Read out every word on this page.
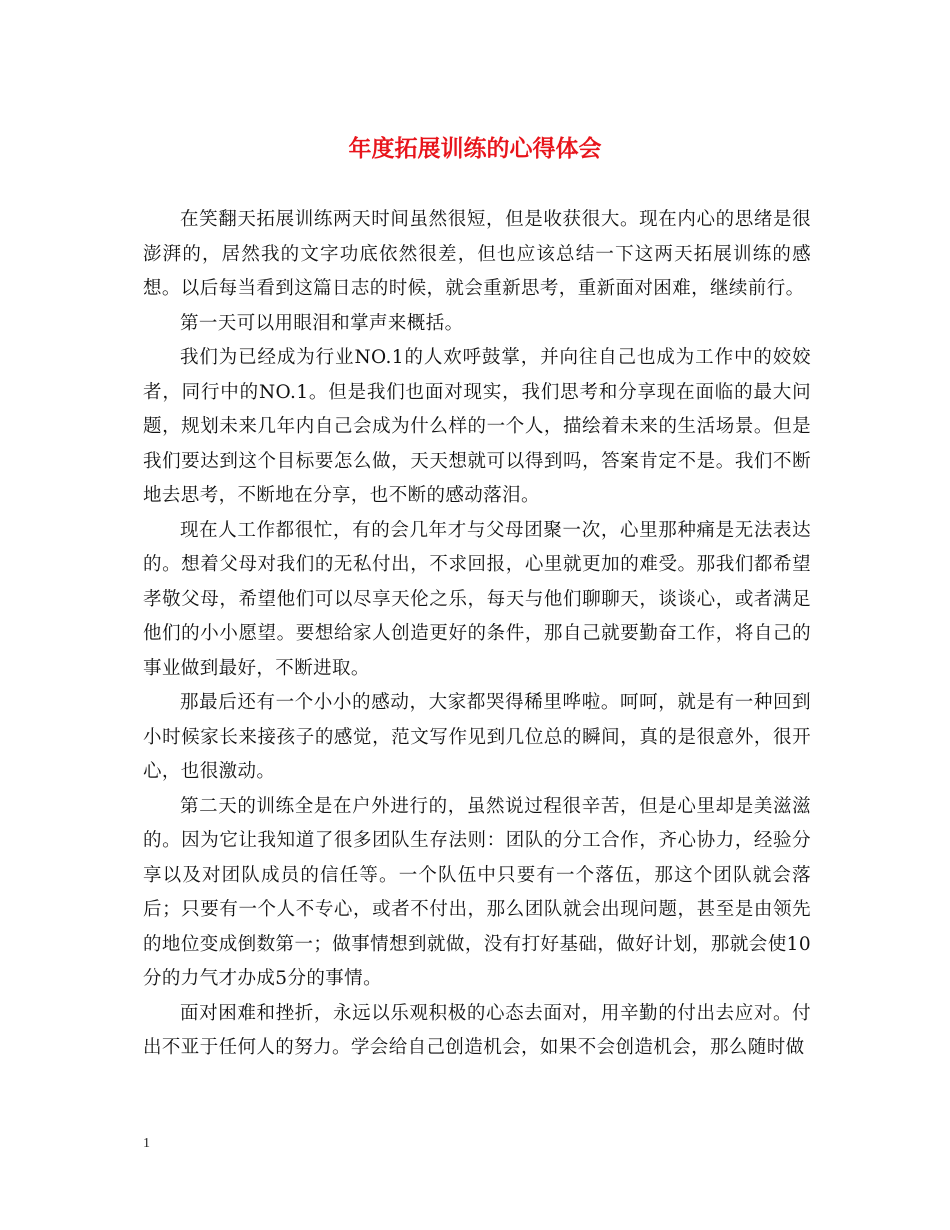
年度拓展训练的心得体会

在笑翻天拓展训练两天时间虽然很短，但是收获很大。现在内心的思绪是很澎湃的，居然我的文字功底依然很差，但也应该总结一下这两天拓展训练的感想。以后每当看到这篇日志的时候，就会重新思考，重新面对困难，继续前行。

第一天可以用眼泪和掌声来概括。

我们为已经成为行业NO.1的人欢呼鼓掌，并向往自己也成为工作中的姣姣者，同行中的NO.1。但是我们也面对现实，我们思考和分享现在面临的最大问题，规划未来几年内自己会成为什么样的一个人，描绘着未来的生活场景。但是我们要达到这个目标要怎么做，天天想就可以得到吗，答案肯定不是。我们不断地去思考，不断地在分享，也不断的感动落泪。

现在人工作都很忙，有的会几年才与父母团聚一次，心里那种痛是无法表达的。想着父母对我们的无私付出，不求回报，心里就更加的难受。那我们都希望孝敬父母，希望他们可以尽享天伦之乐，每天与他们聊聊天，谈谈心，或者满足他们的小小愿望。要想给家人创造更好的条件，那自己就要勤奋工作，将自己的事业做到最好，不断进取。

那最后还有一个小小的感动，大家都哭得稀里哗啦。呵呵，就是有一种回到小时候家长来接孩子的感觉，范文写作见到几位总的瞬间，真的是很意外，很开心，也很激动。

第二天的训练全是在户外进行的，虽然说过程很辛苦，但是心里却是美滋滋的。因为它让我知道了很多团队生存法则：团队的分工合作，齐心协力，经验分享以及对团队成员的信任等。一个队伍中只要有一个落伍，那这个团队就会落后；只要有一个人不专心，或者不付出，那么团队就会出现问题，甚至是由领先的地位变成倒数第一；做事情想到就做，没有打好基础，做好计划，那就会使10分的力气才办成5分的事情。

面对困难和挫折，永远以乐观积极的心态去面对，用辛勤的付出去应对。付出不亚于任何人的努力。学会给自己创造机会，如果不会创造机会，那么随时做

1
